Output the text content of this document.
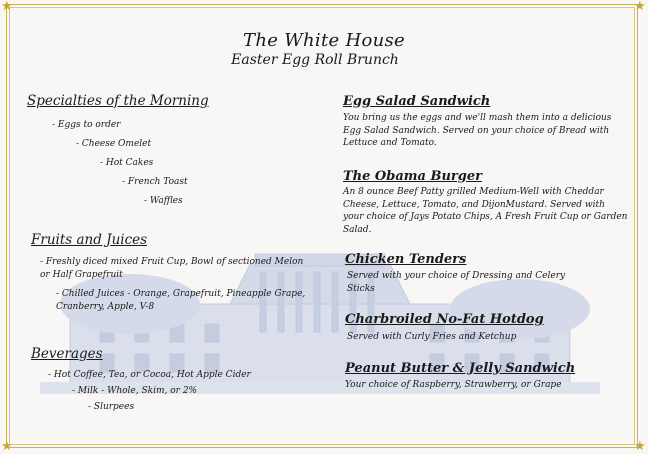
★	★
★	★
The White House
Easter Egg Roll Brunch
Specialties of the Morning
- Eggs to order
- Cheese Omelet
- Hot Cakes
- French Toast
- Waffles
Fruits and Juices
- Freshly diced mixed Fruit Cup, Bowl of sectioned Melon or Half Grapefruit
- Chilled Juices - Orange, Grapefruit, Pineapple Grape, Cranberry, Apple, V-8
Beverages
- Hot Coffee, Tea, or Cocoa, Hot Apple Cider
- Milk - Whole, Skim, or 2%
- Slurpees
Egg Salad Sandwich
You bring us the eggs and we'll mash them into a delicious Egg Salad Sandwich. Served on your choice of Bread with Lettuce and Tomato.
The Obama Burger
An 8 ounce Beef Patty grilled Medium-Well with Cheddar Cheese, Lettuce, Tomato, and DijonMustard. Served with your choice of Jays Potato Chips, A Fresh Fruit Cup or Garden Salad.
Chicken Tenders
Served with your choice of Dressing and Celery Sticks
Charbroiled No-Fat Hotdog
Served with Curly Fries and Ketchup
Peanut Butter & Jelly Sandwich
Your choice of Raspberry, Strawberry, or Grape
